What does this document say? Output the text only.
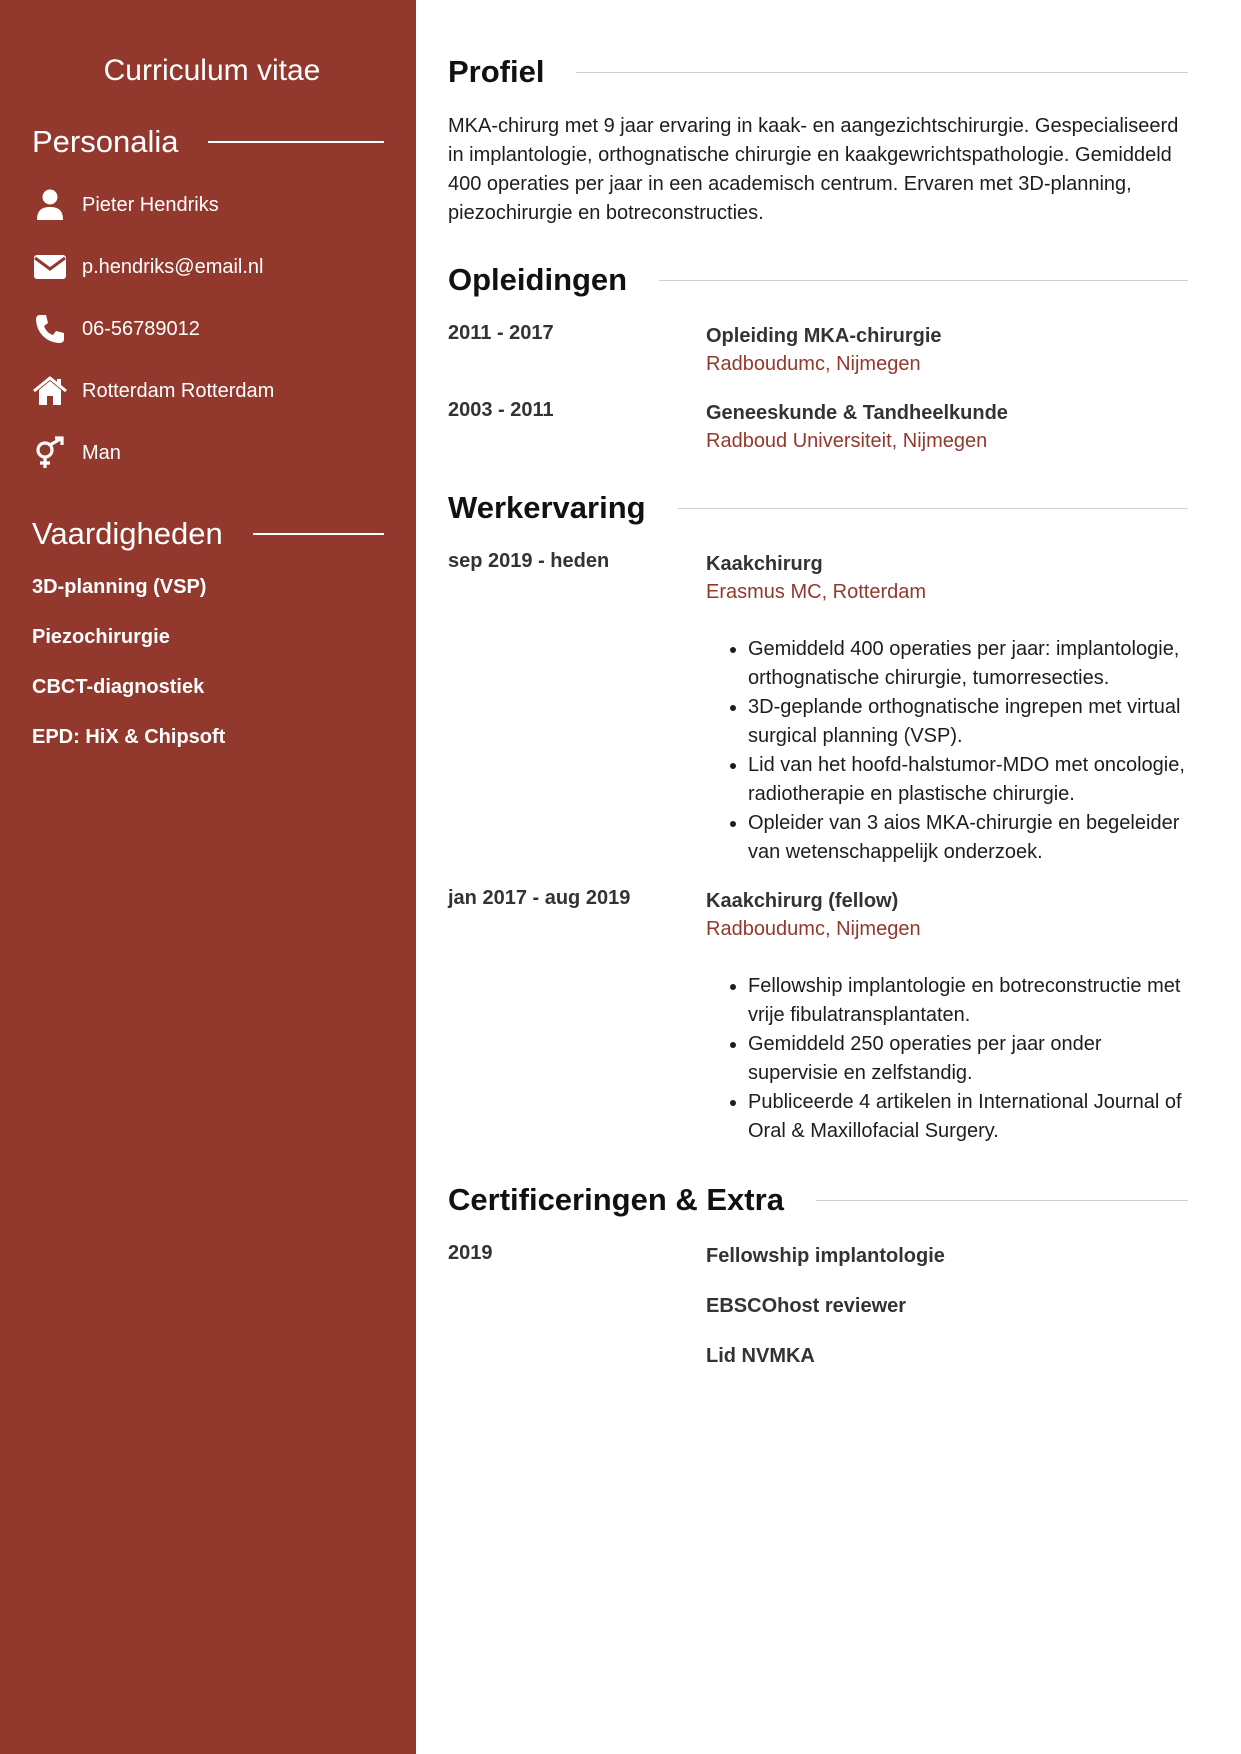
Curriculum vitae
Personalia
Pieter Hendriks
p.hendriks@email.nl
06-56789012
Rotterdam Rotterdam
Man
Vaardigheden
3D-planning (VSP)
Piezochirurgie
CBCT-diagnostiek
EPD: HiX & Chipsoft
Profiel
MKA-chirurg met 9 jaar ervaring in kaak- en aangezichtschirurgie. Gespecialiseerd in implantologie, orthognatische chirurgie en kaakgewrichtspathologie. Gemiddeld 400 operaties per jaar in een academisch centrum. Ervaren met 3D-planning, piezochirurgie en botreconstructies.
Opleidingen
2011 - 2017	Opleiding MKA-chirurgie
Radboudumc, Nijmegen
2003 - 2011	Geneeskunde & Tandheelkunde
Radboud Universiteit, Nijmegen
Werkervaring
sep 2019 - heden	Kaakchirurg
Erasmus MC, Rotterdam
• Gemiddeld 400 operaties per jaar: implantologie, orthognatische chirurgie, tumorresecties.
• 3D-geplande orthognatische ingrepen met virtual surgical planning (VSP).
• Lid van het hoofd-halstumor-MDO met oncologie, radiotherapie en plastische chirurgie.
• Opleider van 3 aios MKA-chirurgie en begeleider van wetenschappelijk onderzoek.
jan 2017 - aug 2019	Kaakchirurg (fellow)
Radboudumc, Nijmegen
• Fellowship implantologie en botreconstructie met vrije fibulatransplantaten.
• Gemiddeld 250 operaties per jaar onder supervisie en zelfstandig.
• Publiceerde 4 artikelen in International Journal of Oral & Maxillofacial Surgery.
Certificeringen & Extra
2019	Fellowship implantologie
EBSCOhost reviewer
Lid NVMKA
